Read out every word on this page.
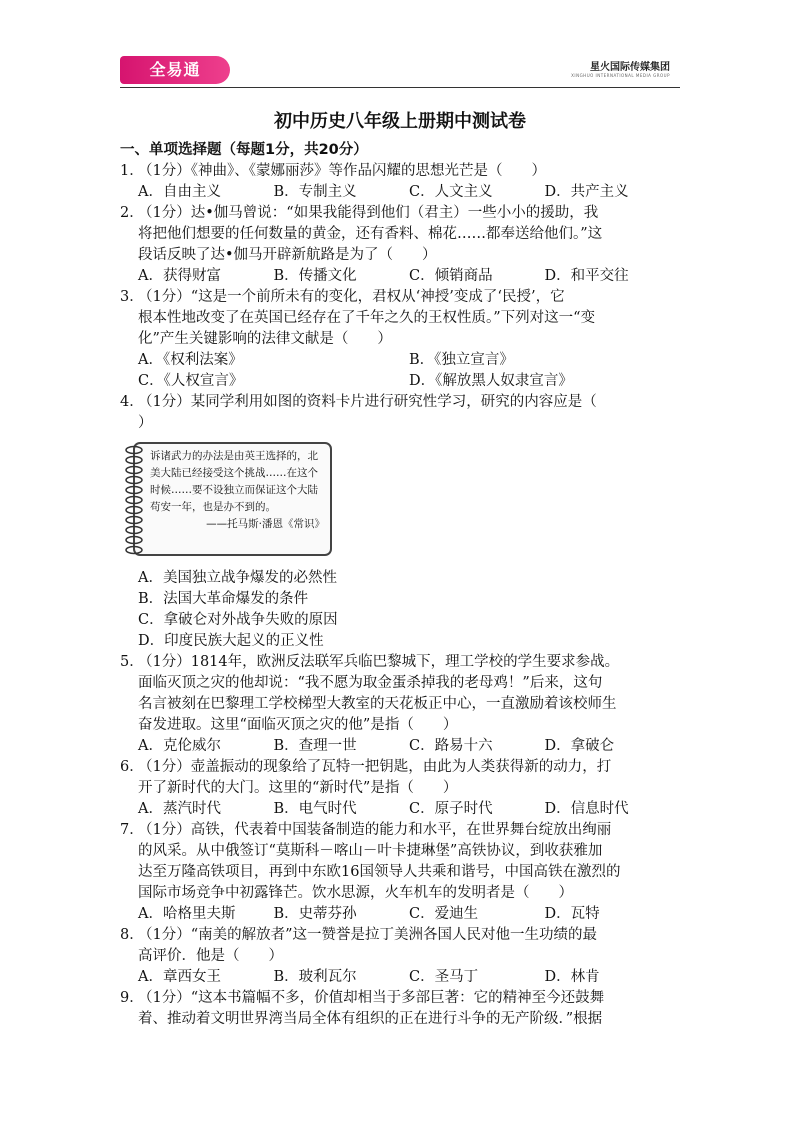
全易通	星火国际传媒集团
XINGHUO INTERNATIONAL MEDIA GROUP
初中历史八年级上册期中测试卷
一、单项选择题（每题1分，共20分）
1．
（1分）《神曲》、《蒙娜丽莎》等作品闪耀的思想光芒是（　　）
A．自由主义	B．专制主义	C．人文主义	D．共产主义
2．
（1分）达•伽马曾说：“如果我能得到他们（君主）一些小小的援助，我
将把他们想要的任何数量的黄金，还有香料、棉花……都奉送给他们。”这
段话反映了达•伽马开辟新航路是为了（　　）
A．获得财富	B．传播文化	C．倾销商品	D．和平交往
3．
（1分）“这是一个前所未有的变化，君权从‘神授’变成了‘民授’，它
根本性地改变了在英国已经存在了千年之久的王权性质。”下列对这一“变
化”产生关键影响的法律文献是（　　）
A．《权利法案》	B．《独立宣言》
C．《人权宣言》	D．《解放黑人奴隶宣言》
4．
（1分）某同学利用如图的资料卡片进行研究性学习，研究的内容应是（
）
诉诸武力的办法是由英王选择的，北美大陆已经接受这个挑战……在这个时候……要不设独立而保证这个大陆苟安一年，也是办不到的。
——托马斯·潘恩《常识》
A．美国独立战争爆发的必然性
B．法国大革命爆发的条件
C．拿破仑对外战争失败的原因
D．印度民族大起义的正义性
5．
（1分）1814年，欧洲反法联军兵临巴黎城下，理工学校的学生要求参战。
面临灭顶之灾的他却说：“我不愿为取金蛋杀掉我的老母鸡！”后来，这句
名言被刻在巴黎理工学校梯型大教室的天花板正中心，一直激励着该校师生
奋发进取。这里“面临灭顶之灾的他”是指（　　）
A．克伦威尔	B．查理一世	C．路易十六	D．拿破仑
6．
（1分）壶盖振动的现象给了瓦特一把钥匙，由此为人类获得新的动力，打
开了新时代的大门。这里的“新时代”是指（　　）
A．蒸汽时代	B．电气时代	C．原子时代	D．信息时代
7．
（1分）高铁，代表着中国装备制造的能力和水平，在世界舞台绽放出绚丽
的风采。从中俄签订“莫斯科－喀山－叶卡捷琳堡”高铁协议，到收获雅加
达至万隆高铁项目，再到中东欧16国领导人共乘和谐号，中国高铁在激烈的
国际市场竞争中初露锋芒。饮水思源，火车机车的发明者是（　　）
A．哈格里夫斯	B．史蒂芬孙	C．爱迪生	D．瓦特
8．
（1分）“南美的解放者”这一赞誉是拉丁美洲各国人民对他一生功绩的最
高评价．他是（　　）
A．章西女王	B．玻利瓦尔	C．圣马丁	D．林肯
9．
（1分）“这本书篇幅不多，价值却相当于多部巨著：它的精神至今还鼓舞
着、推动着文明世界湾当局全体有组织的正在进行斗争的无产阶级．”根据
